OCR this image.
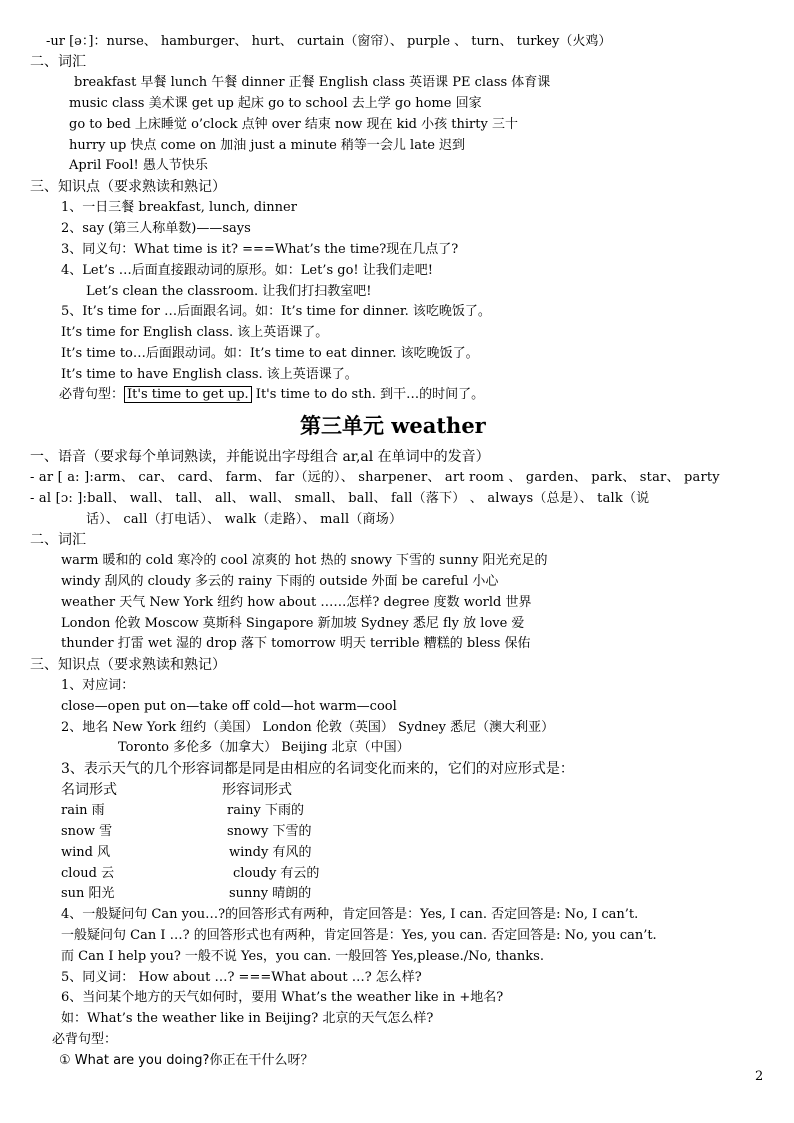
-ur [ə：]：nurse、 hamburger、 hurt、 curtain（窗帘）、 purple 、 turn、 turkey（火鸡）
二、词汇
breakfast 早餐 lunch 午餐 dinner 正餐 English class 英语课 PE class 体育课
music class 美术课 get up 起床 go to school 去上学 go home 回家
go to bed 上床睡觉 o’clock 点钟 over 结束 now 现在 kid 小孩 thirty 三十
hurry up 快点 come on 加油 just a minute 稍等一会儿 late 迟到
April Fool! 愚人节快乐
三、知识点（要求熟读和熟记）
1、一日三餐 breakfast, lunch, dinner
2、say (第三人称单数)——says
3、同义句：What time is it? ===What’s the time?现在几点了?
4、Let’s …后面直接跟动词的原形。如：Let’s go! 让我们走吧!
Let’s clean the classroom. 让我们打扫教室吧!
5、It’s time for …后面跟名词。如：It’s time for dinner. 该吃晚饭了。
It’s time for English class. 该上英语课了。
It’s time to…后面跟动词。如：It’s time to eat dinner. 该吃晚饭了。
It’s time to have English class. 该上英语课了。
必背句型： It's time to get up. It's time to do sth. 到干…的时间了。
第三单元 weather
一、语音（要求每个单词熟读，并能说出字母组合 ar,al 在单词中的发音）
- ar [ a: ]:arm、 car、 card、 farm、 far（远的）、 sharpener、 art room 、 garden、 park、 star、 party
- al [ɔ: ]:ball、 wall、 tall、 all、 wall、 small、 ball、 fall（落下） 、 always（总是）、 talk（说
话）、 call（打电话）、 walk（走路）、 mall（商场）
二、词汇
warm 暖和的 cold 寒冷的 cool 凉爽的 hot 热的 snowy 下雪的 sunny 阳光充足的
windy 刮风的 cloudy 多云的 rainy 下雨的 outside 外面 be careful 小心
weather 天气 New York 纽约 how about ……怎样? degree 度数 world 世界
London 伦敦 Moscow 莫斯科 Singapore 新加坡 Sydney 悉尼 fly 放 love 爱
thunder 打雷 wet 湿的 drop 落下 tomorrow 明天 terrible 糟糕的 bless 保佑
三、知识点（要求熟读和熟记）
1、对应词：
close—open put on—take off cold—hot warm—cool
2、地名 New York 纽约（美国） London 伦敦（英国） Sydney 悉尼（澳大利亚）
Toronto 多伦多（加拿大） Beijing 北京（中国）
3、表示天气的几个形容词都是同是由相应的名词变化而来的，它们的对应形式是：
名词形式	形容词形式
rain 雨	rainy 下雨的
snow 雪	snowy 下雪的
wind 风	windy 有风的
cloud 云	cloudy 有云的
sun 阳光	sunny 晴朗的
4、一般疑问句 Can you…?的回答形式有两种，肯定回答是：Yes, I can. 否定回答是: No, I can’t.
一般疑问句 Can I …? 的回答形式也有两种，肯定回答是：Yes, you can. 否定回答是: No, you can’t.
而 Can I help you? 一般不说 Yes，you can. 一般回答 Yes,please./No, thanks.
5、同义词： How about …? ===What about …? 怎么样?
6、当问某个地方的天气如何时，要用 What’s the weather like in +地名?
如：What’s the weather like in Beijing? 北京的天气怎么样?
必背句型：
① What are you doing?你正在干什么呀？
2
